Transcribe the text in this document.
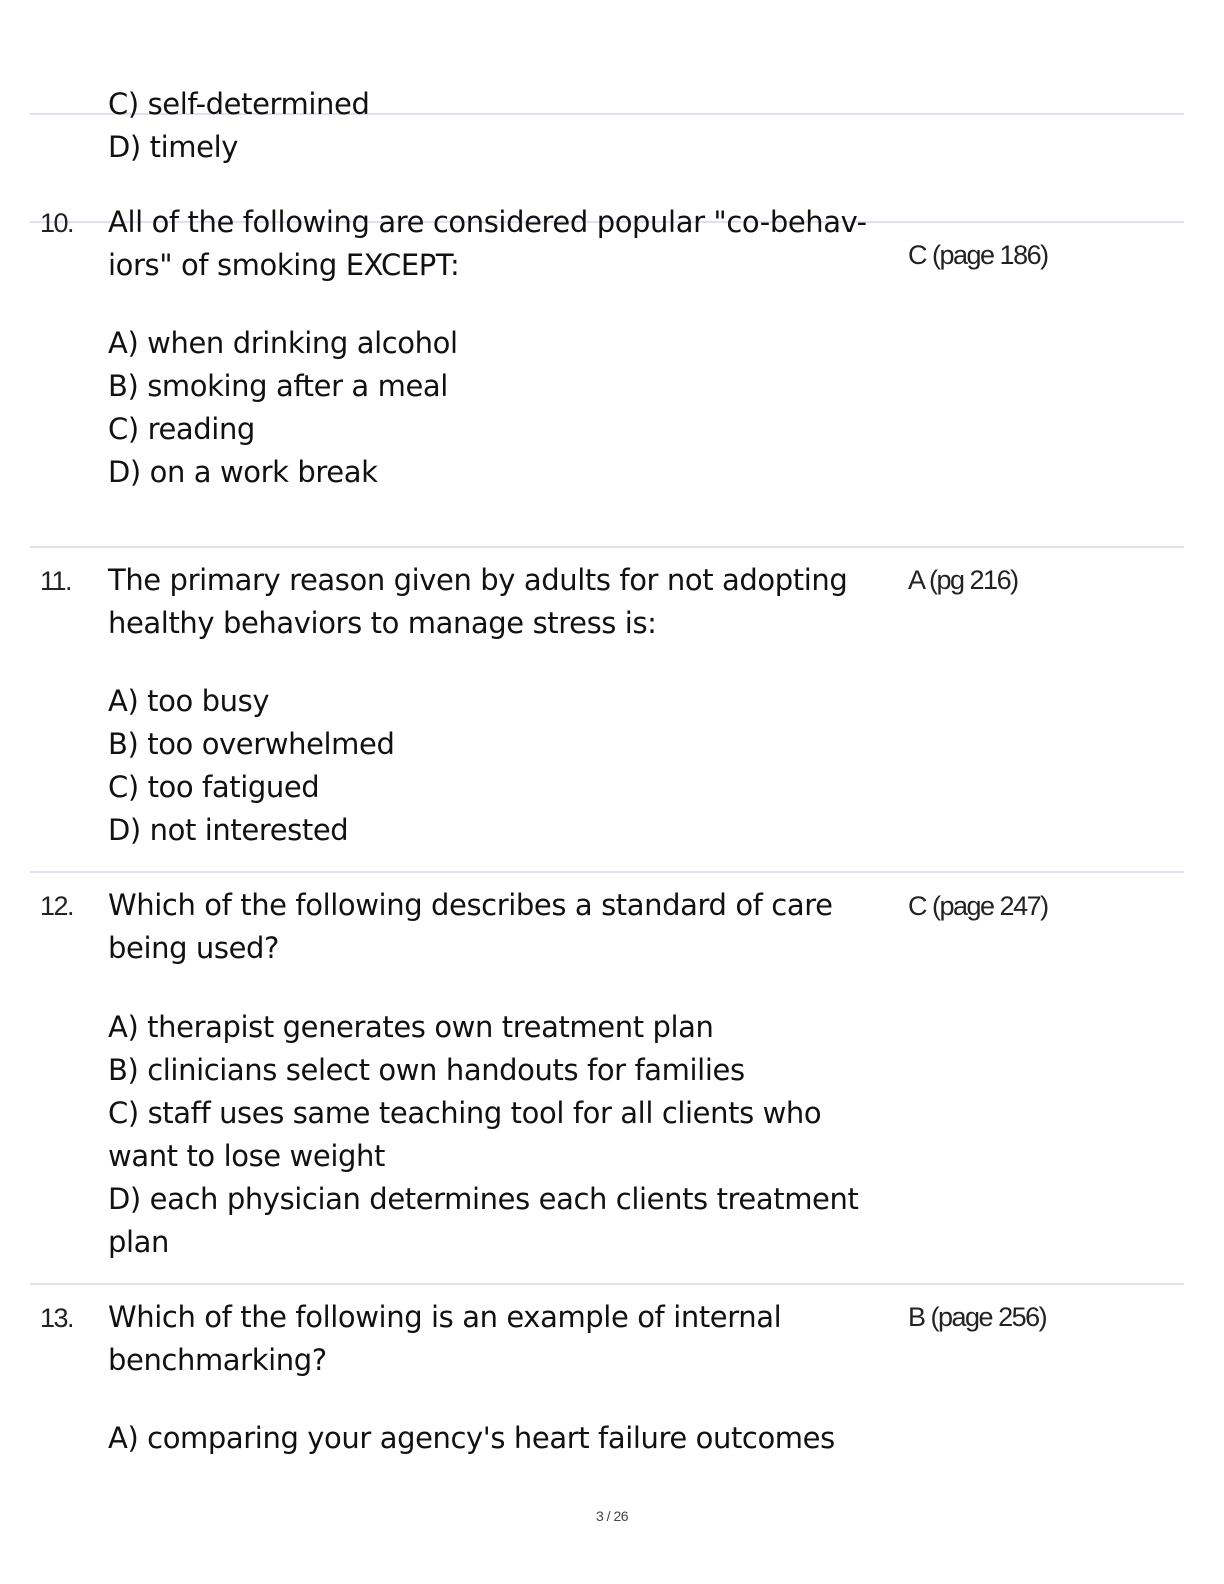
C) self-determined
D) timely
10. All of the following are considered popular "co-behav-
iors" of smoking EXCEPT:	C (page 186)
A) when drinking alcohol
B) smoking after a meal
C) reading
D) on a work break
11. The primary reason given by adults for not adopting
healthy behaviors to manage stress is:
A (pg 216)
A) too busy
B) too overwhelmed
C) too fatigued
D) not interested
12. Which of the following describes a standard of care
being used?
C (page 247)
A) therapist generates own treatment plan
B) clinicians select own handouts for families
C) staff uses same teaching tool for all clients who
want to lose weight
D) each physician determines each clients treatment
plan
13. Which of the following is an example of internal
benchmarking?
B (page 256)
A) comparing your agency's heart failure outcomes
3 / 26
